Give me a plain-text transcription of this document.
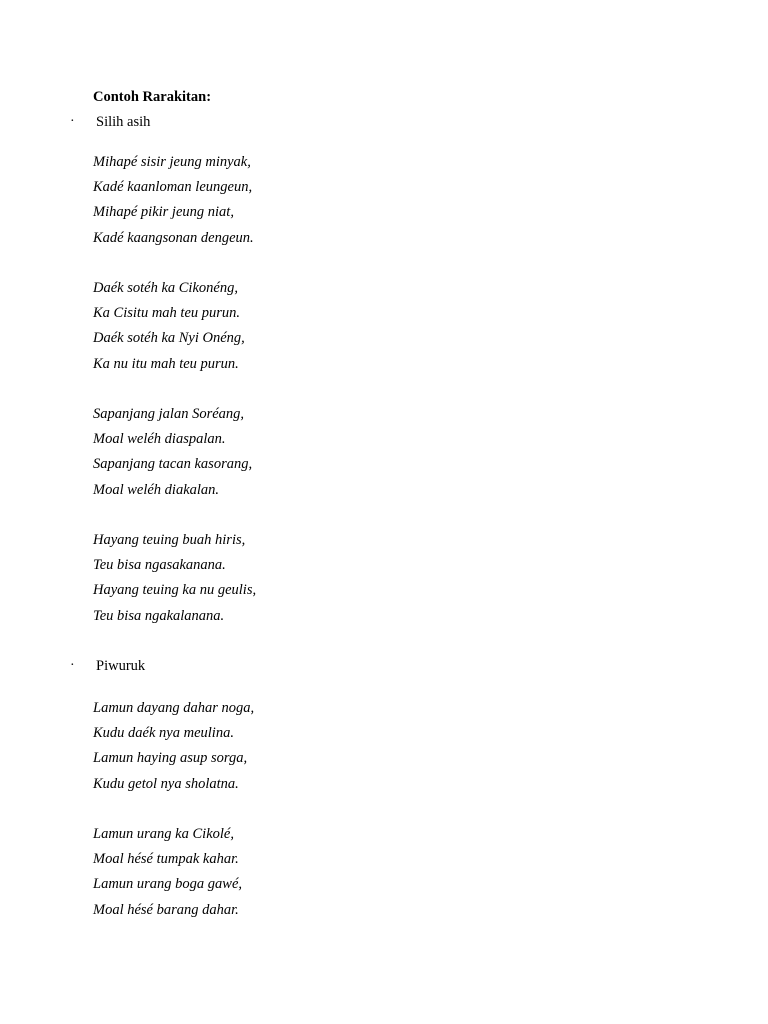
Contoh Rarakitan:
· Silih asih
Mihapé sisir jeung minyak,
Kadé kaanloman leungeun,
Mihapé pikir jeung niat,
Kadé kaangsonan dengeun.
Daék sotéh ka Cikonéng,
Ka Cisitu mah teu purun.
Daék sotéh ka Nyi Onéng,
Ka nu itu mah teu purun.
Sapanjang jalan Soréang,
Moal weléh diaspalan.
Sapanjang tacan kasorang,
Moal weléh diakalan.
Hayang teuing buah hiris,
Teu bisa ngasakanana.
Hayang teuing ka nu geulis,
Teu bisa ngakalanana.
· Piwuruk
Lamun dayang dahar noga,
Kudu daék nya meulina.
Lamun haying asup sorga,
Kudu getol nya sholatna.
Lamun urang ka Cikolé,
Moal hésé tumpak kahar.
Lamun urang boga gawé,
Moal hésé barang dahar.
